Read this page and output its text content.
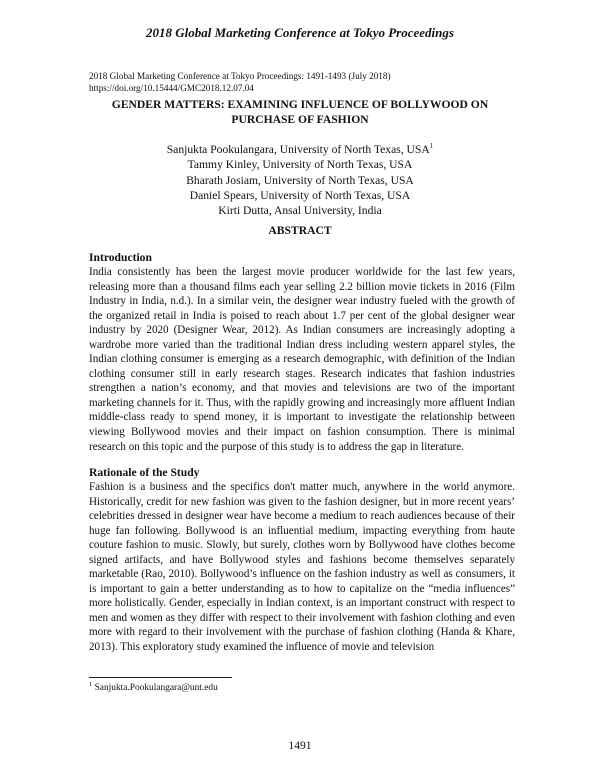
2018 Global Marketing Conference at Tokyo Proceedings
2018 Global Marketing Conference at Tokyo Proceedings: 1491-1493 (July 2018)
https://doi.org/10.15444/GMC2018.12.07.04
GENDER MATTERS: EXAMINING INFLUENCE OF BOLLYWOOD ON
PURCHASE OF FASHION
Sanjukta Pookulangara, University of North Texas, USA$^1$
Tammy Kinley, University of North Texas, USA
Bharath Josiam, University of North Texas, USA
Daniel Spears, University of North Texas, USA
Kirti Dutta, Ansal University, India
ABSTRACT
Introduction

India consistently has been the largest movie producer worldwide for the last few years, releasing more than a thousand films each year selling 2.2 billion movie tickets in 2016 (Film Industry in India, n.d.). In a similar vein, the designer wear industry fueled with the growth of the organized retail in India is poised to reach about 1.7 per cent of the global designer wear industry by 2020 (Designer Wear, 2012). As Indian consumers are increasingly adopting a wardrobe more varied than the traditional Indian dress including western apparel styles, the Indian clothing consumer is emerging as a research demographic, with definition of the Indian clothing consumer still in early research stages. Research indicates that fashion industries strengthen a nation’s economy, and that movies and televisions are two of the important marketing channels for it. Thus, with the rapidly growing and increasingly more affluent Indian middle-class ready to spend money, it is important to investigate the relationship between viewing Bollywood movies and their impact on fashion consumption. There is minimal research on this topic and the purpose of this study is to address the gap in literature.

Rationale of the Study

Fashion is a business and the specifics don't matter much, anywhere in the world anymore. Historically, credit for new fashion was given to the fashion designer, but in more recent years’ celebrities dressed in designer wear have become a medium to reach audiences because of their huge fan following. Bollywood is an influential medium, impacting everything from haute couture fashion to music. Slowly, but surely, clothes worn by Bollywood have clothes become signed artifacts, and have Bollywood styles and fashions become themselves separately marketable (Rao, 2010). Bollywood’s influence on the fashion industry as well as consumers, it is important to gain a better understanding as to how to capitalize on the “media influences” more holistically. Gender, especially in Indian context, is an important construct with respect to men and women as they differ with respect to their involvement with fashion clothing and even more with regard to their involvement with the purchase of fashion clothing (Handa & Khare, 2013). This exploratory study examined the influence of movie and television

$^1$ Sanjukta.Pookulangara@unt.edu
1491
